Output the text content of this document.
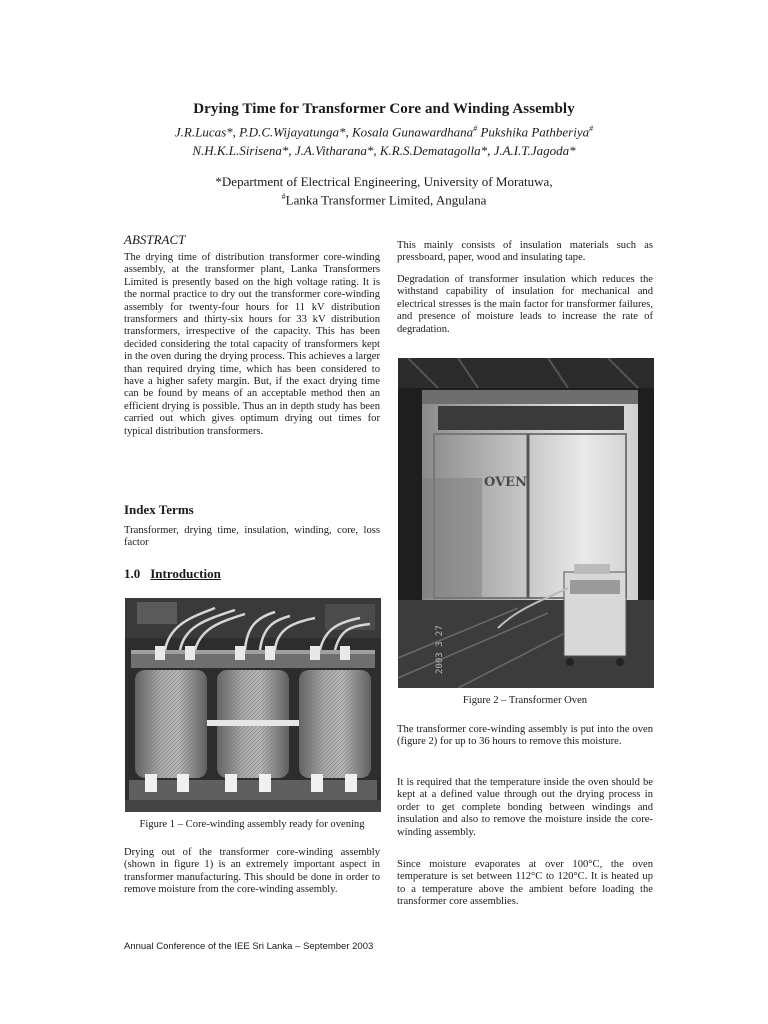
Drying Time for Transformer Core and Winding Assembly
J.R.Lucas*, P.D.C.Wijayatunga*, Kosala Gunawardhana# Pukshika Pathberiya#
N.H.K.L.Sirisena*, J.A.Vitharana*, K.R.S.Dematagolla*, J.A.I.T.Jagoda*
*Department of Electrical Engineering, University of Moratuwa,
#Lanka Transformer Limited, Angulana
ABSTRACT

The drying time of distribution transformer core-winding assembly, at the transformer plant, Lanka Transformers Limited is presently based on the high voltage rating. It is the normal practice to dry out the transformer core-winding assembly for twenty-four hours for 11 kV distribution transformers and thirty-six hours for 33 kV distribution transformers, irrespective of the capacity. This has been decided considering the total capacity of transformers kept in the oven during the drying process. This achieves a larger than required drying time, which has been considered to have a higher safety margin. But, if the exact drying time can be found by means of an acceptable method then an efficient drying is possible. Thus an in depth study has been carried out which gives optimum drying out times for typical distribution transformers.

Index Terms

Transformer, drying time, insulation, winding, core, loss factor

1.0 Introduction
Figure 1 – Core-winding assembly ready for ovening

Drying out of the transformer core-winding assembly (shown in figure 1) is an extremely important aspect in transformer manufacturing. This should be done in order to remove moisture from the core-winding assembly.

This mainly consists of insulation materials such as pressboard, paper, wood and insulating tape.

Degradation of transformer insulation which reduces the withstand capability of insulation for mechanical and electrical stresses is the main factor for transformer failures, and presence of moisture leads to increase the rate of degradation.

OVEN
2003 3 27
Figure 2 – Transformer Oven

The transformer core-winding assembly is put into the oven (figure 2) for up to 36 hours to remove this moisture.

It is required that the temperature inside the oven should be kept at a defined value through out the drying process in order to get complete bonding between windings and insulation and also to remove the moisture inside the core-winding assembly.

Since moisture evaporates at over 100°C, the oven temperature is set between 112°C to 120°C. It is heated up to a temperature above the ambient before loading the transformer core assemblies.

Annual Conference of the IEE Sri Lanka – September 2003
